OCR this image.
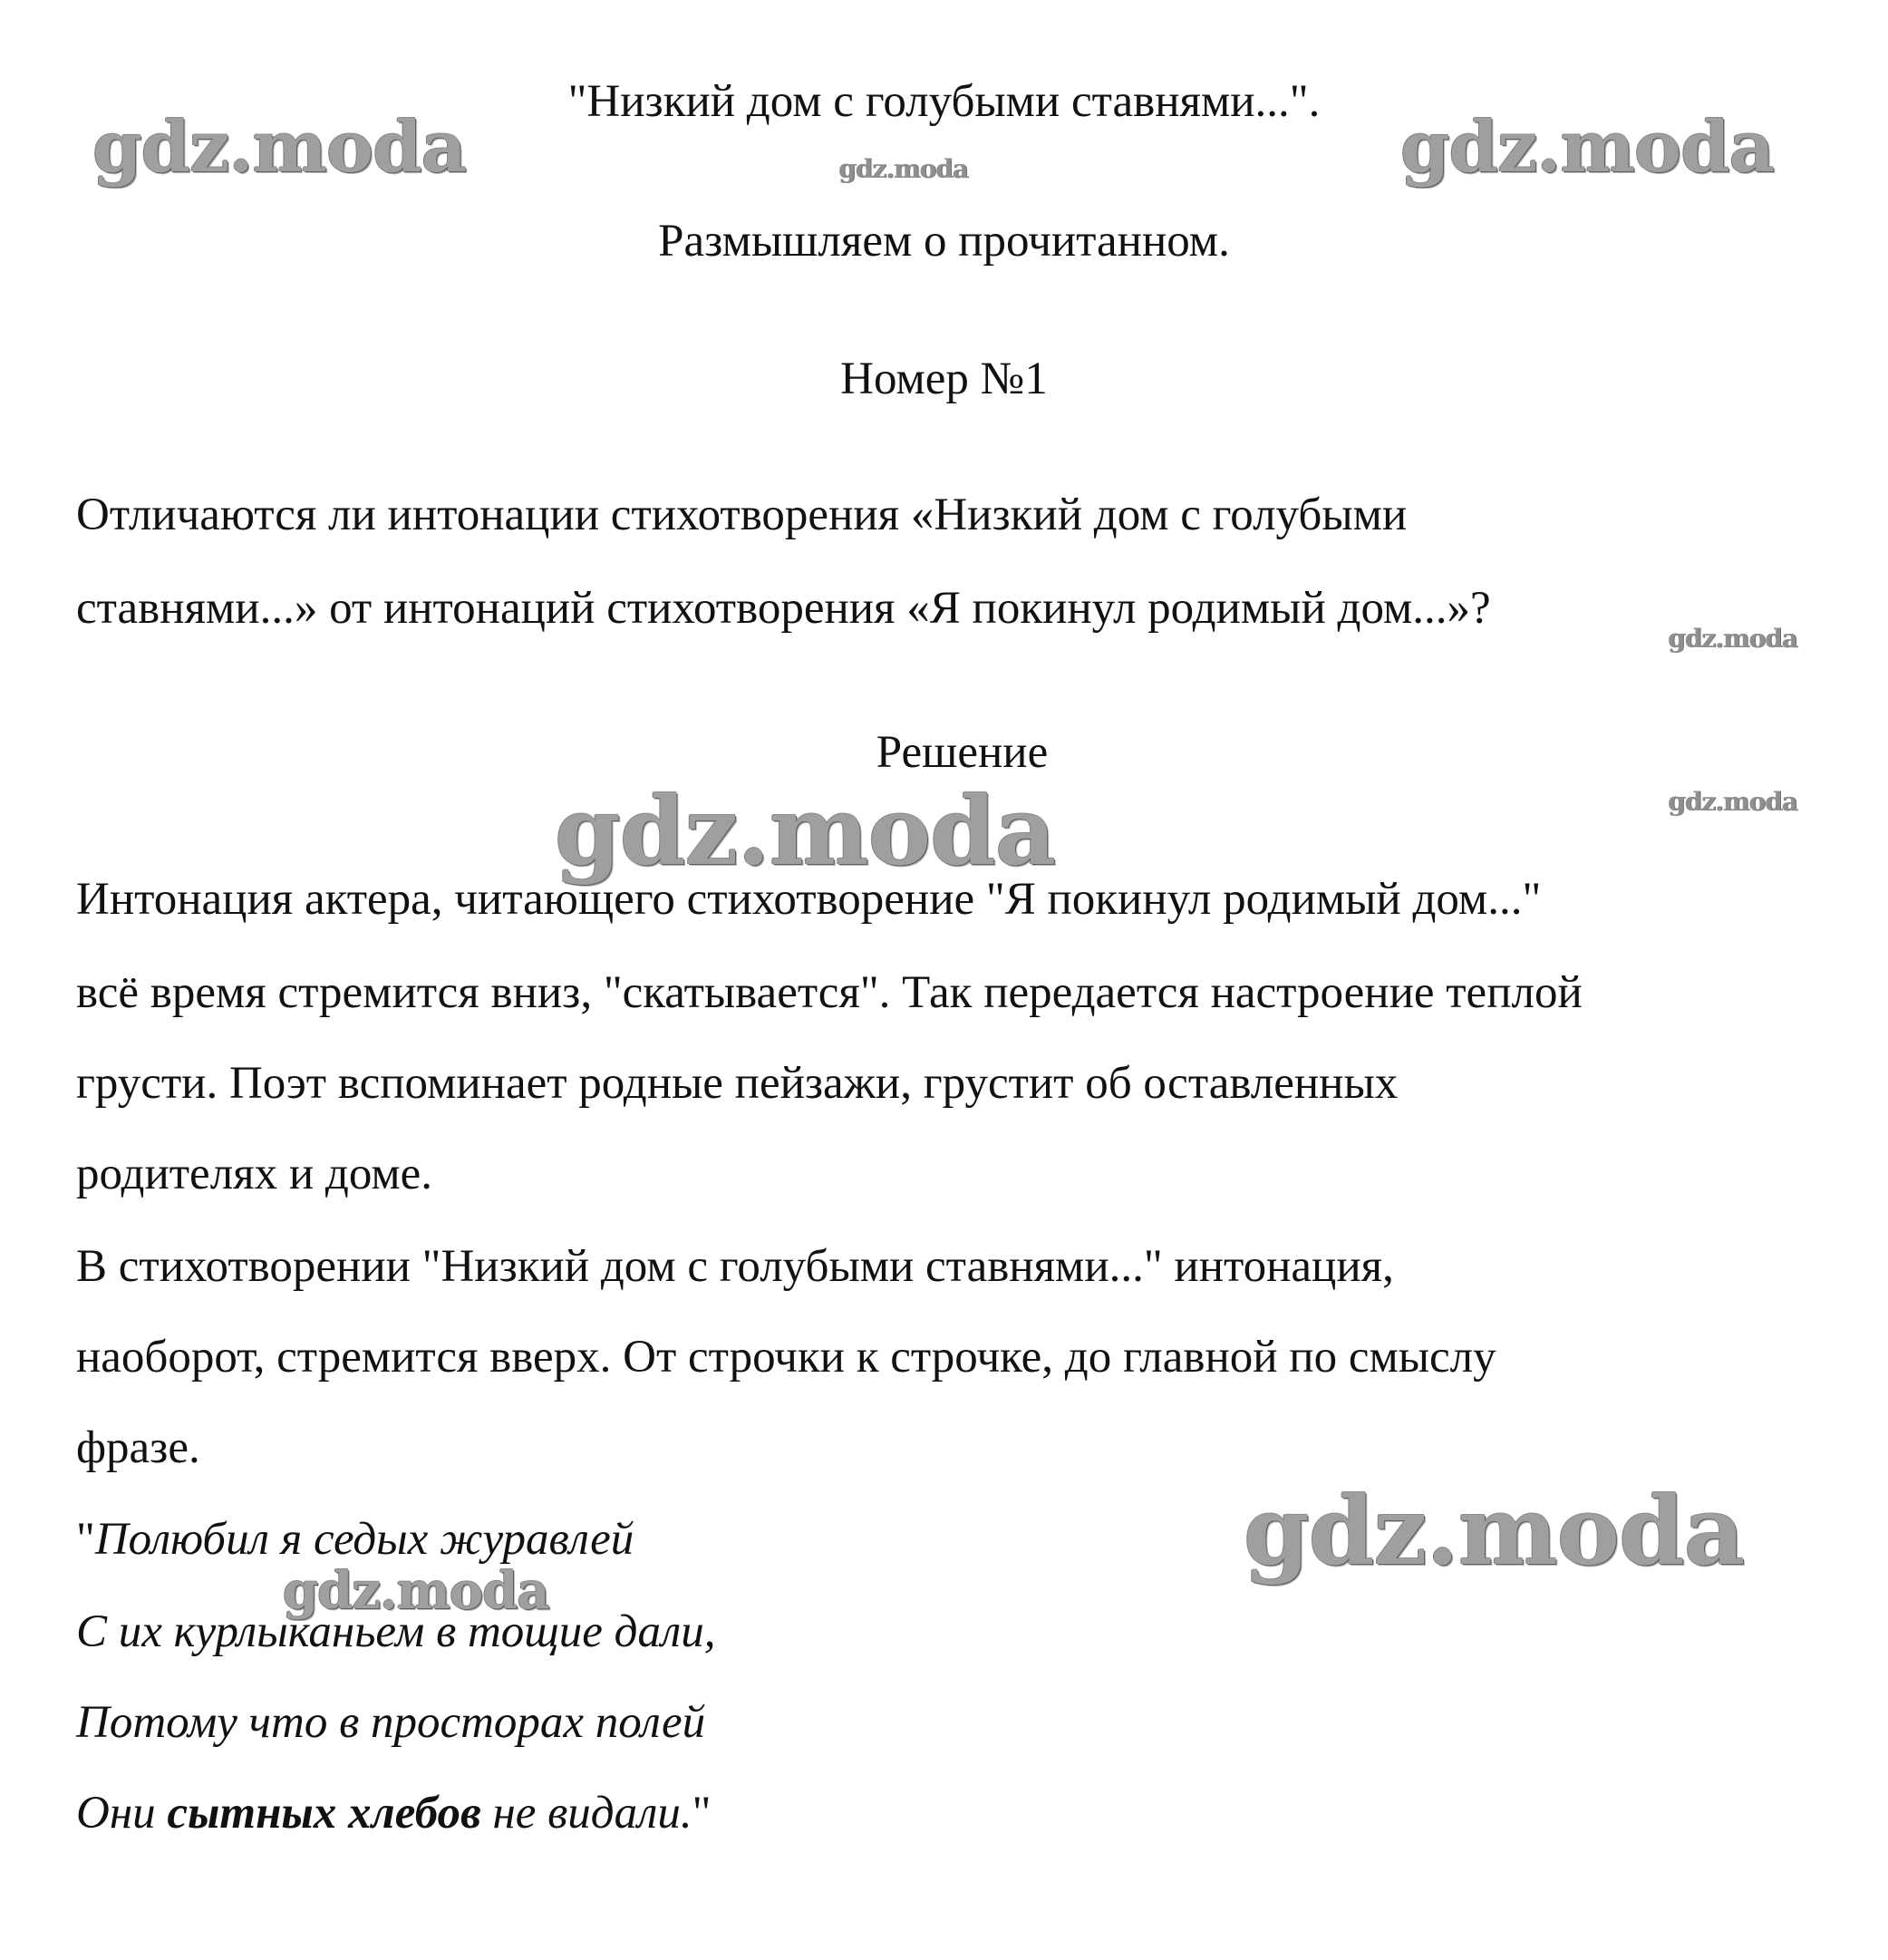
gdz.moda	gdz.moda	gdz.moda
gdz.moda
gdz.moda
gdz.moda
gdz.moda
gdz.moda
"Низкий дом с голубыми ставнями...".
Размышляем о прочитанном.
Номер №1
Отличаются ли интонации стихотворения «Низкий дом с голубыми
ставнями...» от интонаций стихотворения «Я покинул родимый дом...»?
Решение
Интонация актера, читающего стихотворение "Я покинул родимый дом..."
всё время стремится вниз, "скатывается". Так передается настроение теплой
грусти. Поэт вспоминает родные пейзажи, грустит об оставленных
родителях и доме.
В стихотворении "Низкий дом с голубыми ставнями..." интонация,
наоборот, стремится вверх. От строчки к строчке, до главной по смыслу
фразе.
"Полюбил я седых журавлей
С их курлыканьем в тощие дали,
Потому что в просторах полей
Они сытных хлебов не видали."
